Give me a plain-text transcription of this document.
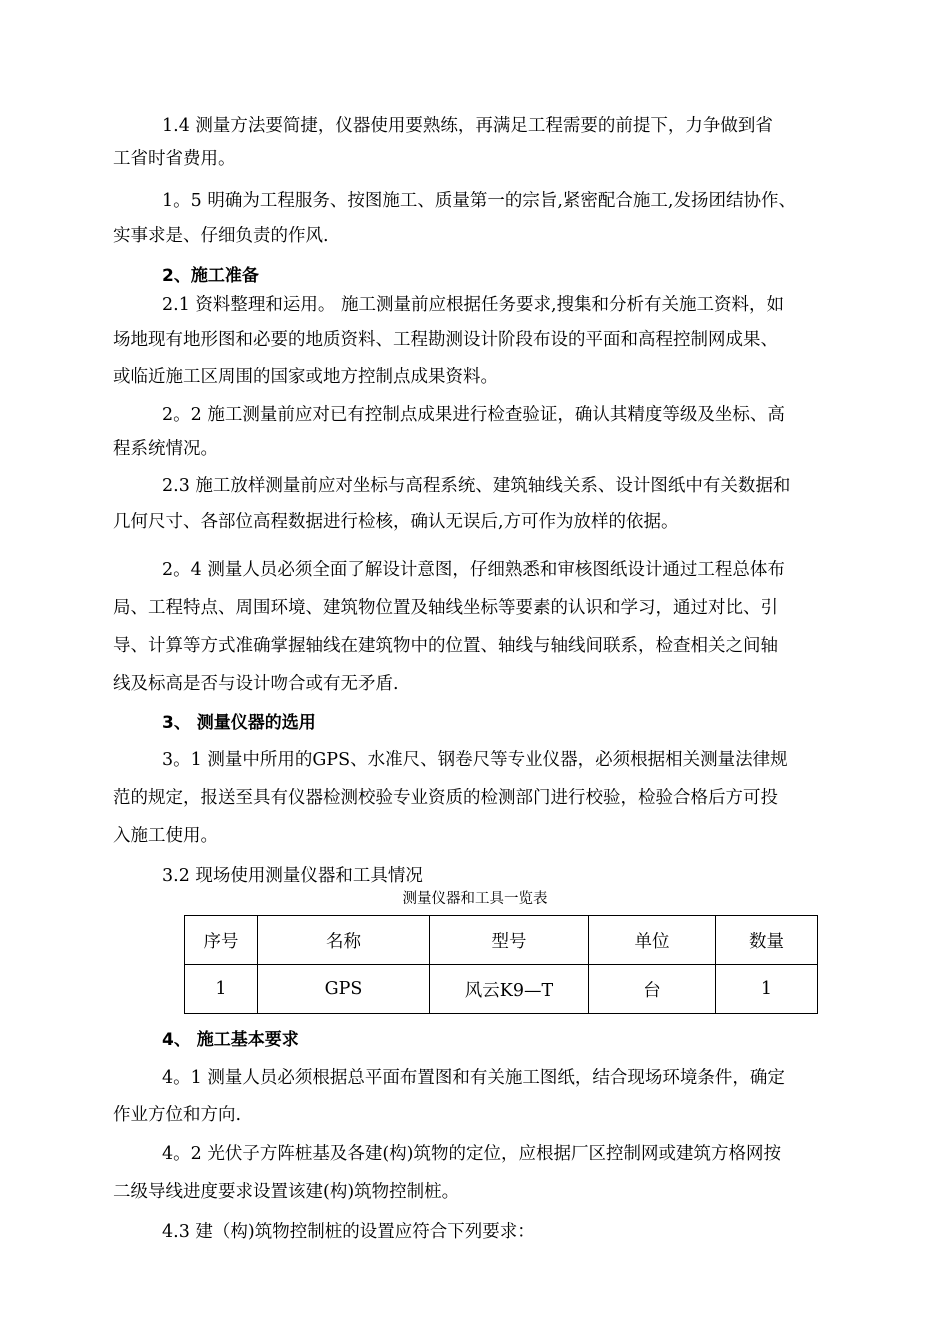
1.4 测量方法要简捷，仪器使用要熟练，再满足工程需要的前提下，力争做到省
工省时省费用。
1。5 明确为工程服务、按图施工、质量第一的宗旨,紧密配合施工,发扬团结协作、
实事求是、仔细负责的作风.
2、施工准备
2.1 资料整理和运用。 施工测量前应根据任务要求,搜集和分析有关施工资料，如
场地现有地形图和必要的地质资料、工程勘测设计阶段布设的平面和高程控制网成果、
或临近施工区周围的国家或地方控制点成果资料。
2。2 施工测量前应对已有控制点成果进行检查验证，确认其精度等级及坐标、高
程系统情况。
2.3 施工放样测量前应对坐标与高程系统、建筑轴线关系、设计图纸中有关数据和
几何尺寸、各部位高程数据进行检核，确认无误后,方可作为放样的依据。
2。4 测量人员必须全面了解设计意图，仔细熟悉和审核图纸设计通过工程总体布
局、工程特点、周围环境、建筑物位置及轴线坐标等要素的认识和学习，通过对比、引
导、计算等方式准确掌握轴线在建筑物中的位置、轴线与轴线间联系，检查相关之间轴
线及标高是否与设计吻合或有无矛盾.
3、 测量仪器的选用
3。1 测量中所用的GPS、水准尺、钢卷尺等专业仪器，必须根据相关测量法律规
范的规定，报送至具有仪器检测校验专业资质的检测部门进行校验，检验合格后方可投
入施工使用。
3.2 现场使用测量仪器和工具情况
测量仪器和工具一览表
序号	名称	型号	单位	数量
1	GPS	风云K9—T	台	1
4、 施工基本要求
4。1 测量人员必须根据总平面布置图和有关施工图纸，结合现场环境条件，确定
作业方位和方向.
4。2 光伏子方阵桩基及各建(构)筑物的定位，应根据厂区控制网或建筑方格网按
二级导线进度要求设置该建(构)筑物控制桩。
4.3 建（构)筑物控制桩的设置应符合下列要求：
